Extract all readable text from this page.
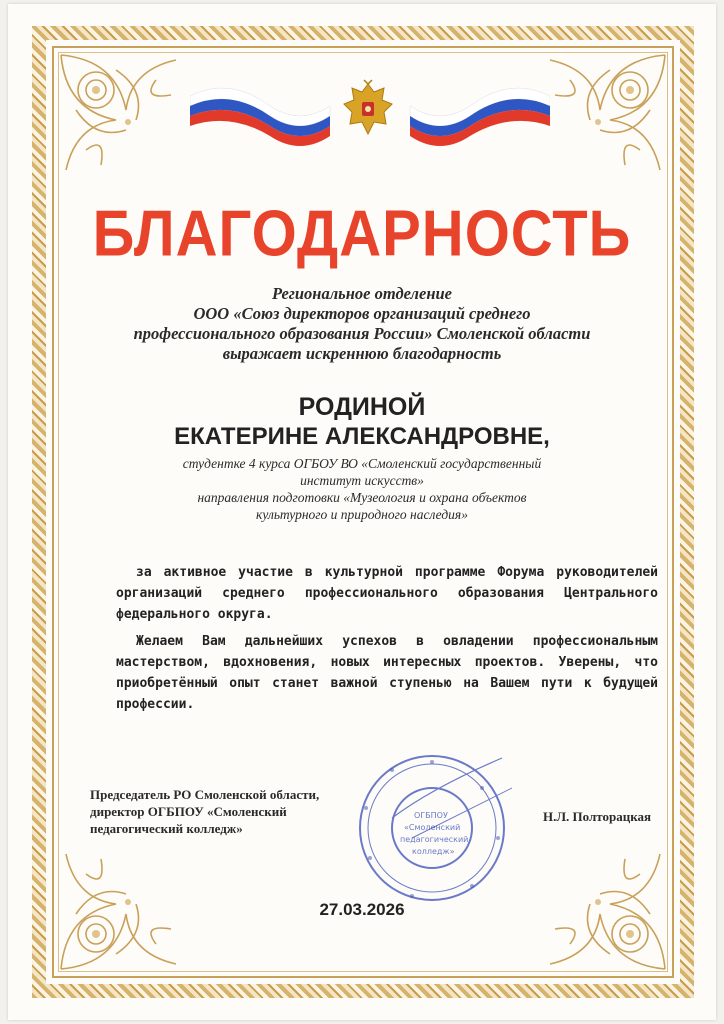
БЛАГОДАРНОСТЬ
Региональное отделение
ООО «Союз директоров организаций среднего
профессионального образования России» Смоленской области
выражает искреннюю благодарность
РОДИНОЙ
ЕКАТЕРИНЕ АЛЕКСАНДРОВНЕ,
студентке 4 курса ОГБОУ ВО «Смоленский государственный
институт искусств»
направления подготовки «Музеология и охрана объектов
культурного и природного наследия»

за активное участие в культурной программе Форума руководителей организаций среднего профессионального образования Центрального федерального округа.

Желаем Вам дальнейших успехов в овладении профессиональным мастерством, вдохновения, новых интересных проектов. Уверены, что приобретённый опыт станет важной ступенью на Вашем пути к будущей профессии.

Председатель РО Смоленской области,
директор ОГБПОУ «Смоленский
педагогический колледж»
ОГБПОУ
«Смоленский
педагогический
колледж»
Н.Л. Полторацкая
27.03.2026
